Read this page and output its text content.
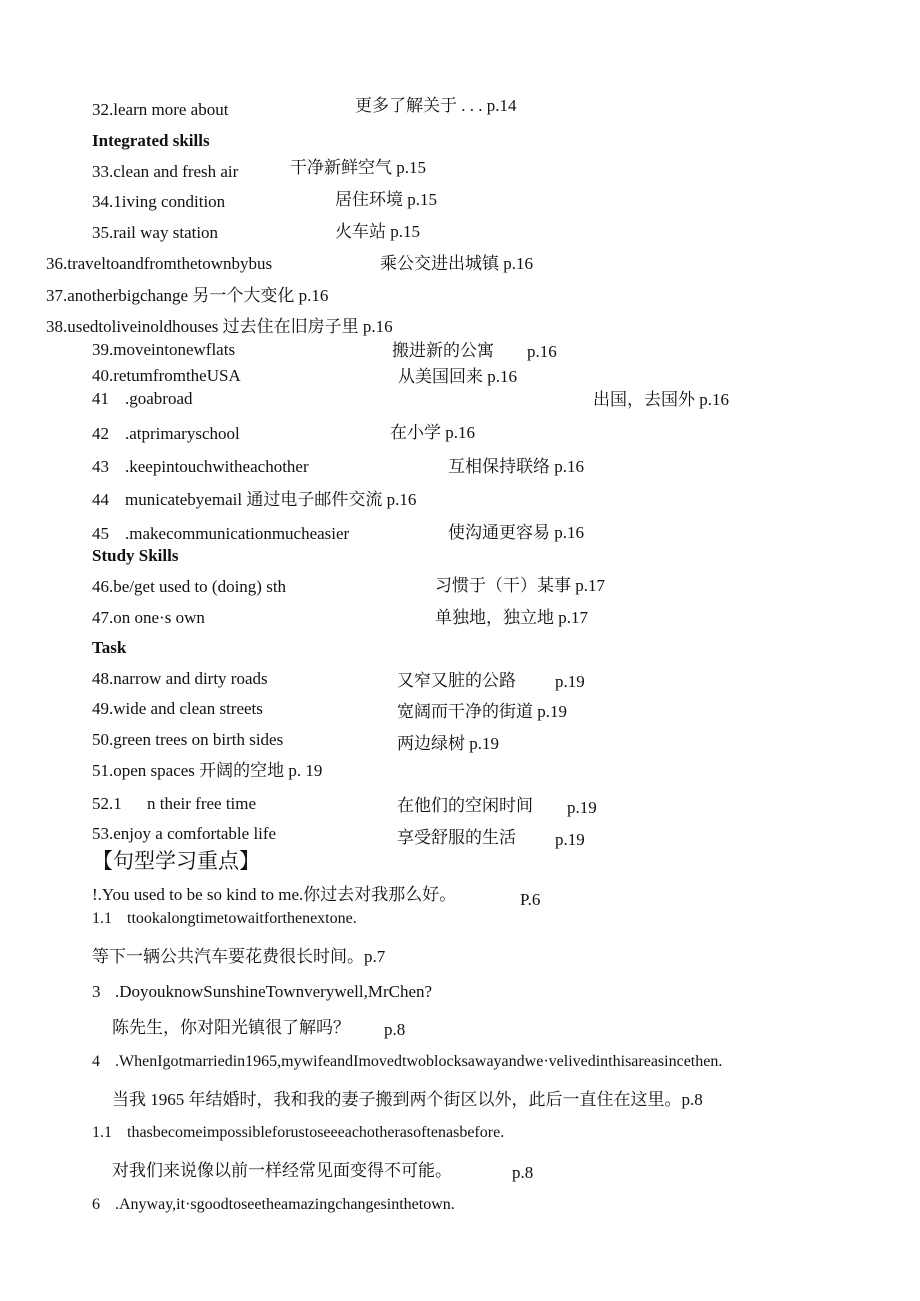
32.learn more about	更多了解关于 . . . p.14
Integrated skills
33.clean and fresh air	干净新鲜空气 p.15
34.1iving condition	居住环境 p.15
35.rail way station	火车站 p.15
36.traveltoandfromthetownbybus	乘公交进出城镇 p.16
37.anotherbigchange 另一个大变化 p.16
38.usedtoliveinoldhouses 过去住在旧房子里 p.16
39.moveintonewflats	搬进新的公寓 p.16
40.retumfromtheUSA	从美国回来 p.16
41 .goabroad	出国，去国外 p.16
42 .atprimaryschool	在小学 p.16
43 .keepintouchwitheachother	互相保持联络 p.16
44 municatebyemail 通过电子邮件交流 p.16
45 .makecommunicationmucheasier	使沟通更容易 p.16
Study Skills
46.be/get used to (doing) sth	习惯于（干）某事 p.17
47.on one·s own	单独地，独立地 p.17
Task
48.narrow and dirty roads	又窄又脏的公路 p.19
49.wide and clean streets	宽阔而干净的街道 p.19
50.green trees on birth sides	两边绿树 p.19
51.open spaces 开阔的空地 p. 19
52.1 n their free time	在他们的空闲时间 p.19
53.enjoy a comfortable life	享受舒服的生活 p.19
【句型学习重点】
!.You used to be so kind to me.你过去对我那么好。	P.6
1.1 ttookalongtimetowaitforthenextone.
等下一辆公共汽车要花费很长时间。p.7
3 .DoyouknowSunshineTownverywell,MrChen?
陈先生，你对阳光镇很了解吗？ p.8
4 .WhenIgotmarriedin1965,mywifeandImovedtwoblocksawayandwe·velivedinthisareasincethen.
当我 1965 年结婚时，我和我的妻子搬到两个街区以外，此后一直住在这里。p.8
1.1 thasbecomeimpossibleforustoseeeachotherasoftenasbefore.
对我们来说像以前一样经常见面变得不可能。	p.8
6 .Anyway,it·sgoodtoseetheamazingchangesinthetown.
